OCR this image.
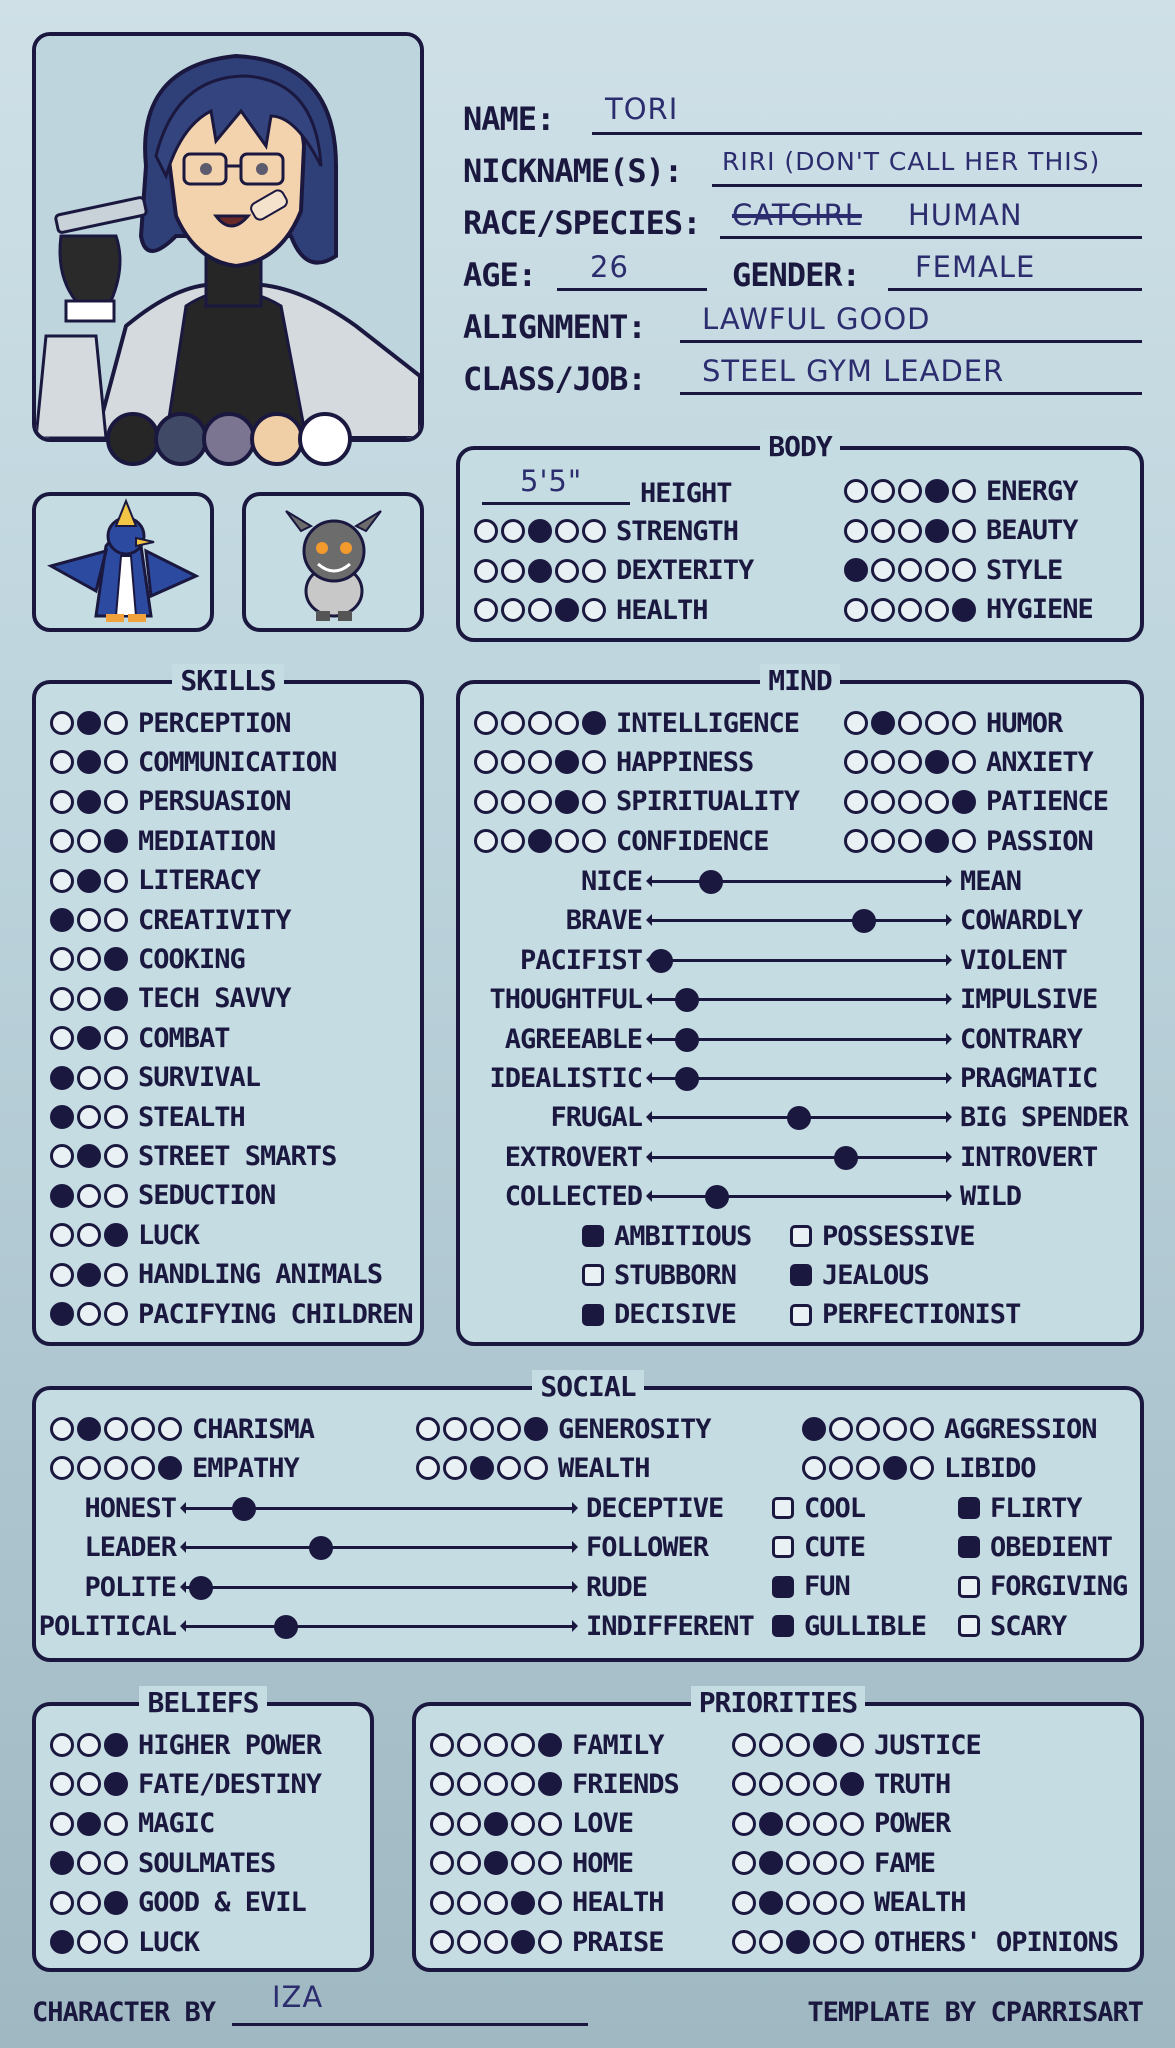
NAME: TORI
NICKNAME(S): RIRI (DON'T CALL HER THIS)
RACE/SPECIES: CATGIRL HUMAN
AGE: 26	GENDER: FEMALE
ALIGNMENT: LAWFUL GOOD
CLASS/JOB: STEEL GYM LEADER
BODY
5'5" HEIGHT
STRENGTH
DEXTERITY
HEALTH
ENERGY
BEAUTY
STYLE
HYGIENE
SKILLS
PERCEPTION
COMMUNICATION
PERSUASION
MEDIATION
LITERACY
CREATIVITY
COOKING
TECH SAVVY
COMBAT
SURVIVAL
STEALTH
STREET SMARTS
SEDUCTION
LUCK
HANDLING ANIMALS
PACIFYING CHILDREN
MIND
INTELLIGENCE
HAPPINESS
SPIRITUALITY
CONFIDENCE
HUMOR
ANXIETY
PATIENCE
PASSION
NICE	MEAN
BRAVE	COWARDLY
PACIFIST	VIOLENT
THOUGHTFUL	IMPULSIVE
AGREEABLE	CONTRARY
IDEALISTIC	PRAGMATIC
FRUGAL	BIG SPENDER
EXTROVERT	INTROVERT
COLLECTED	WILD
AMBITIOUS	POSSESSIVE
STUBBORN	JEALOUS
DECISIVE	PERFECTIONIST
SOCIAL
CHARISMA
EMPATHY
GENEROSITY
WEALTH
AGGRESSION
LIBIDO
HONEST	DECEPTIVE
LEADER	FOLLOWER
POLITE	RUDE
POLITICAL	INDIFFERENT
COOL	FLIRTY
CUTE	OBEDIENT
FUN	FORGIVING
GULLIBLE SCARY
BELIEFS
HIGHER POWER
FATE/DESTINY
MAGIC
SOULMATES
GOOD & EVIL
LUCK
PRIORITIES
FAMILY
FRIENDS
LOVE
HOME
HEALTH
PRAISE
JUSTICE
TRUTH
POWER
FAME
WEALTH
OTHERS' OPINIONS
CHARACTER BY IZA	TEMPLATE BY CPARRISART
